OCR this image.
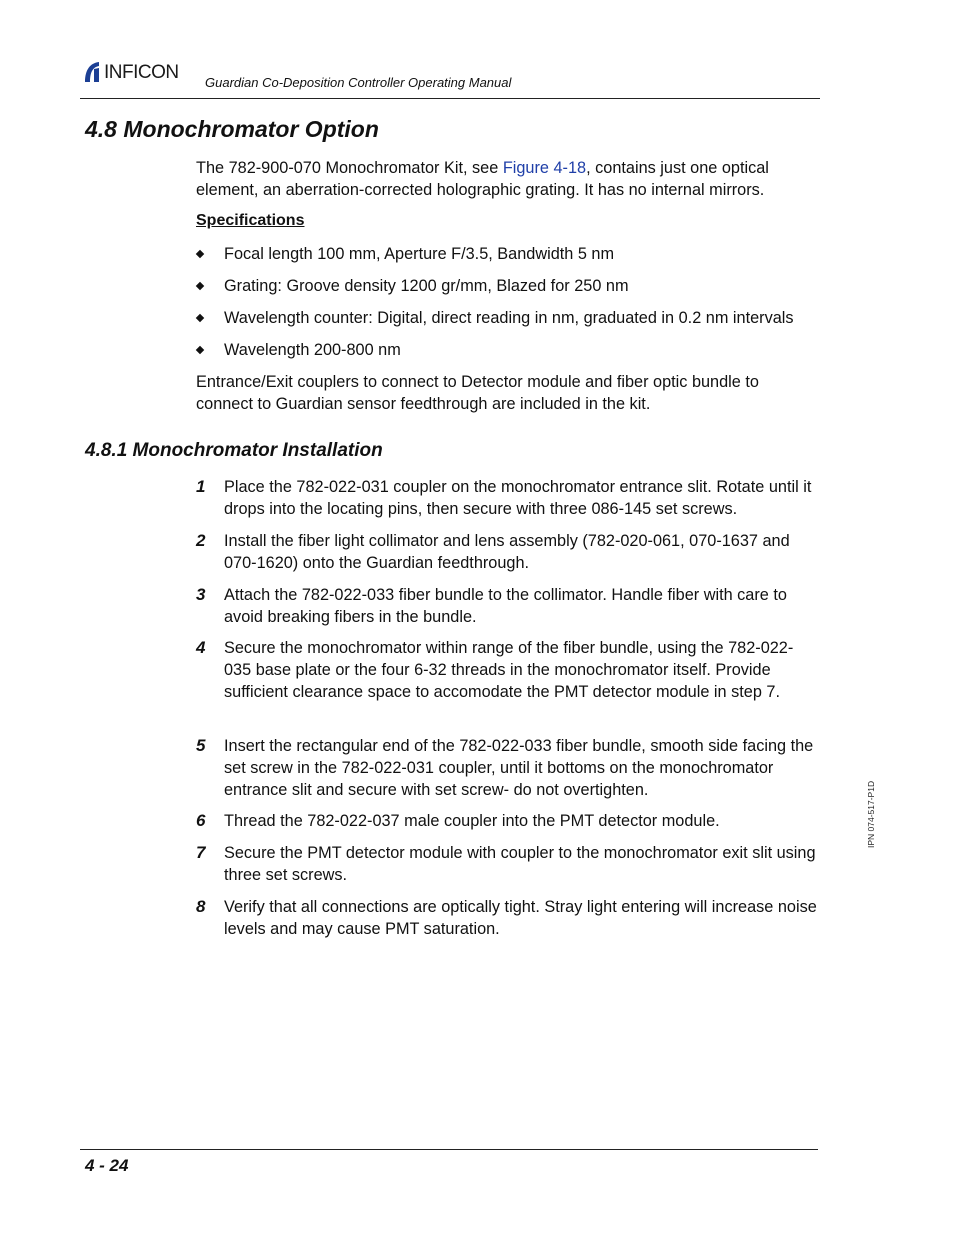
INFICON Guardian Co-Deposition Controller Operating Manual
4.8 Monochromator Option
The 782-900-070 Monochromator Kit, see Figure 4-18, contains just one optical
element, an aberration-corrected holographic grating. It has no internal mirrors.
Specifications
Focal length 100 mm, Aperture F/3.5, Bandwidth 5 nm
Grating: Groove density 1200 gr/mm, Blazed for 250 nm
Wavelength counter: Digital, direct reading in nm, graduated in 0.2 nm intervals
Wavelength 200-800 nm
Entrance/Exit couplers to connect to Detector module and fiber optic bundle to connect to Guardian sensor feedthrough are included in the kit.
4.8.1 Monochromator Installation
1 Place the 782-022-031 coupler on the monochromator entrance slit. Rotate until it drops into the locating pins, then secure with three 086-145 set screws.
2 Install the fiber light collimator and lens assembly (782-020-061, 070-1637 and 070-1620) onto the Guardian feedthrough.
3 Attach the 782-022-033 fiber bundle to the collimator. Handle fiber with care to avoid breaking fibers in the bundle.
4 Secure the monochromator within range of the fiber bundle, using the 782-022-035 base plate or the four 6-32 threads in the monochromator itself. Provide sufficient clearance space to accomodate the PMT detector module in step 7.
5 Insert the rectangular end of the 782-022-033 fiber bundle, smooth side facing the set screw in the 782-022-031 coupler, until it bottoms on the monochromator entrance slit and secure with set screw- do not overtighten.
6 Thread the 782-022-037 male coupler into the PMT detector module.
7 Secure the PMT detector module with coupler to the monochromator exit slit using three set screws.
8 Verify that all connections are optically tight. Stray light entering will increase noise levels and may cause PMT saturation.
IPN 074-517-P1D
4 - 24
